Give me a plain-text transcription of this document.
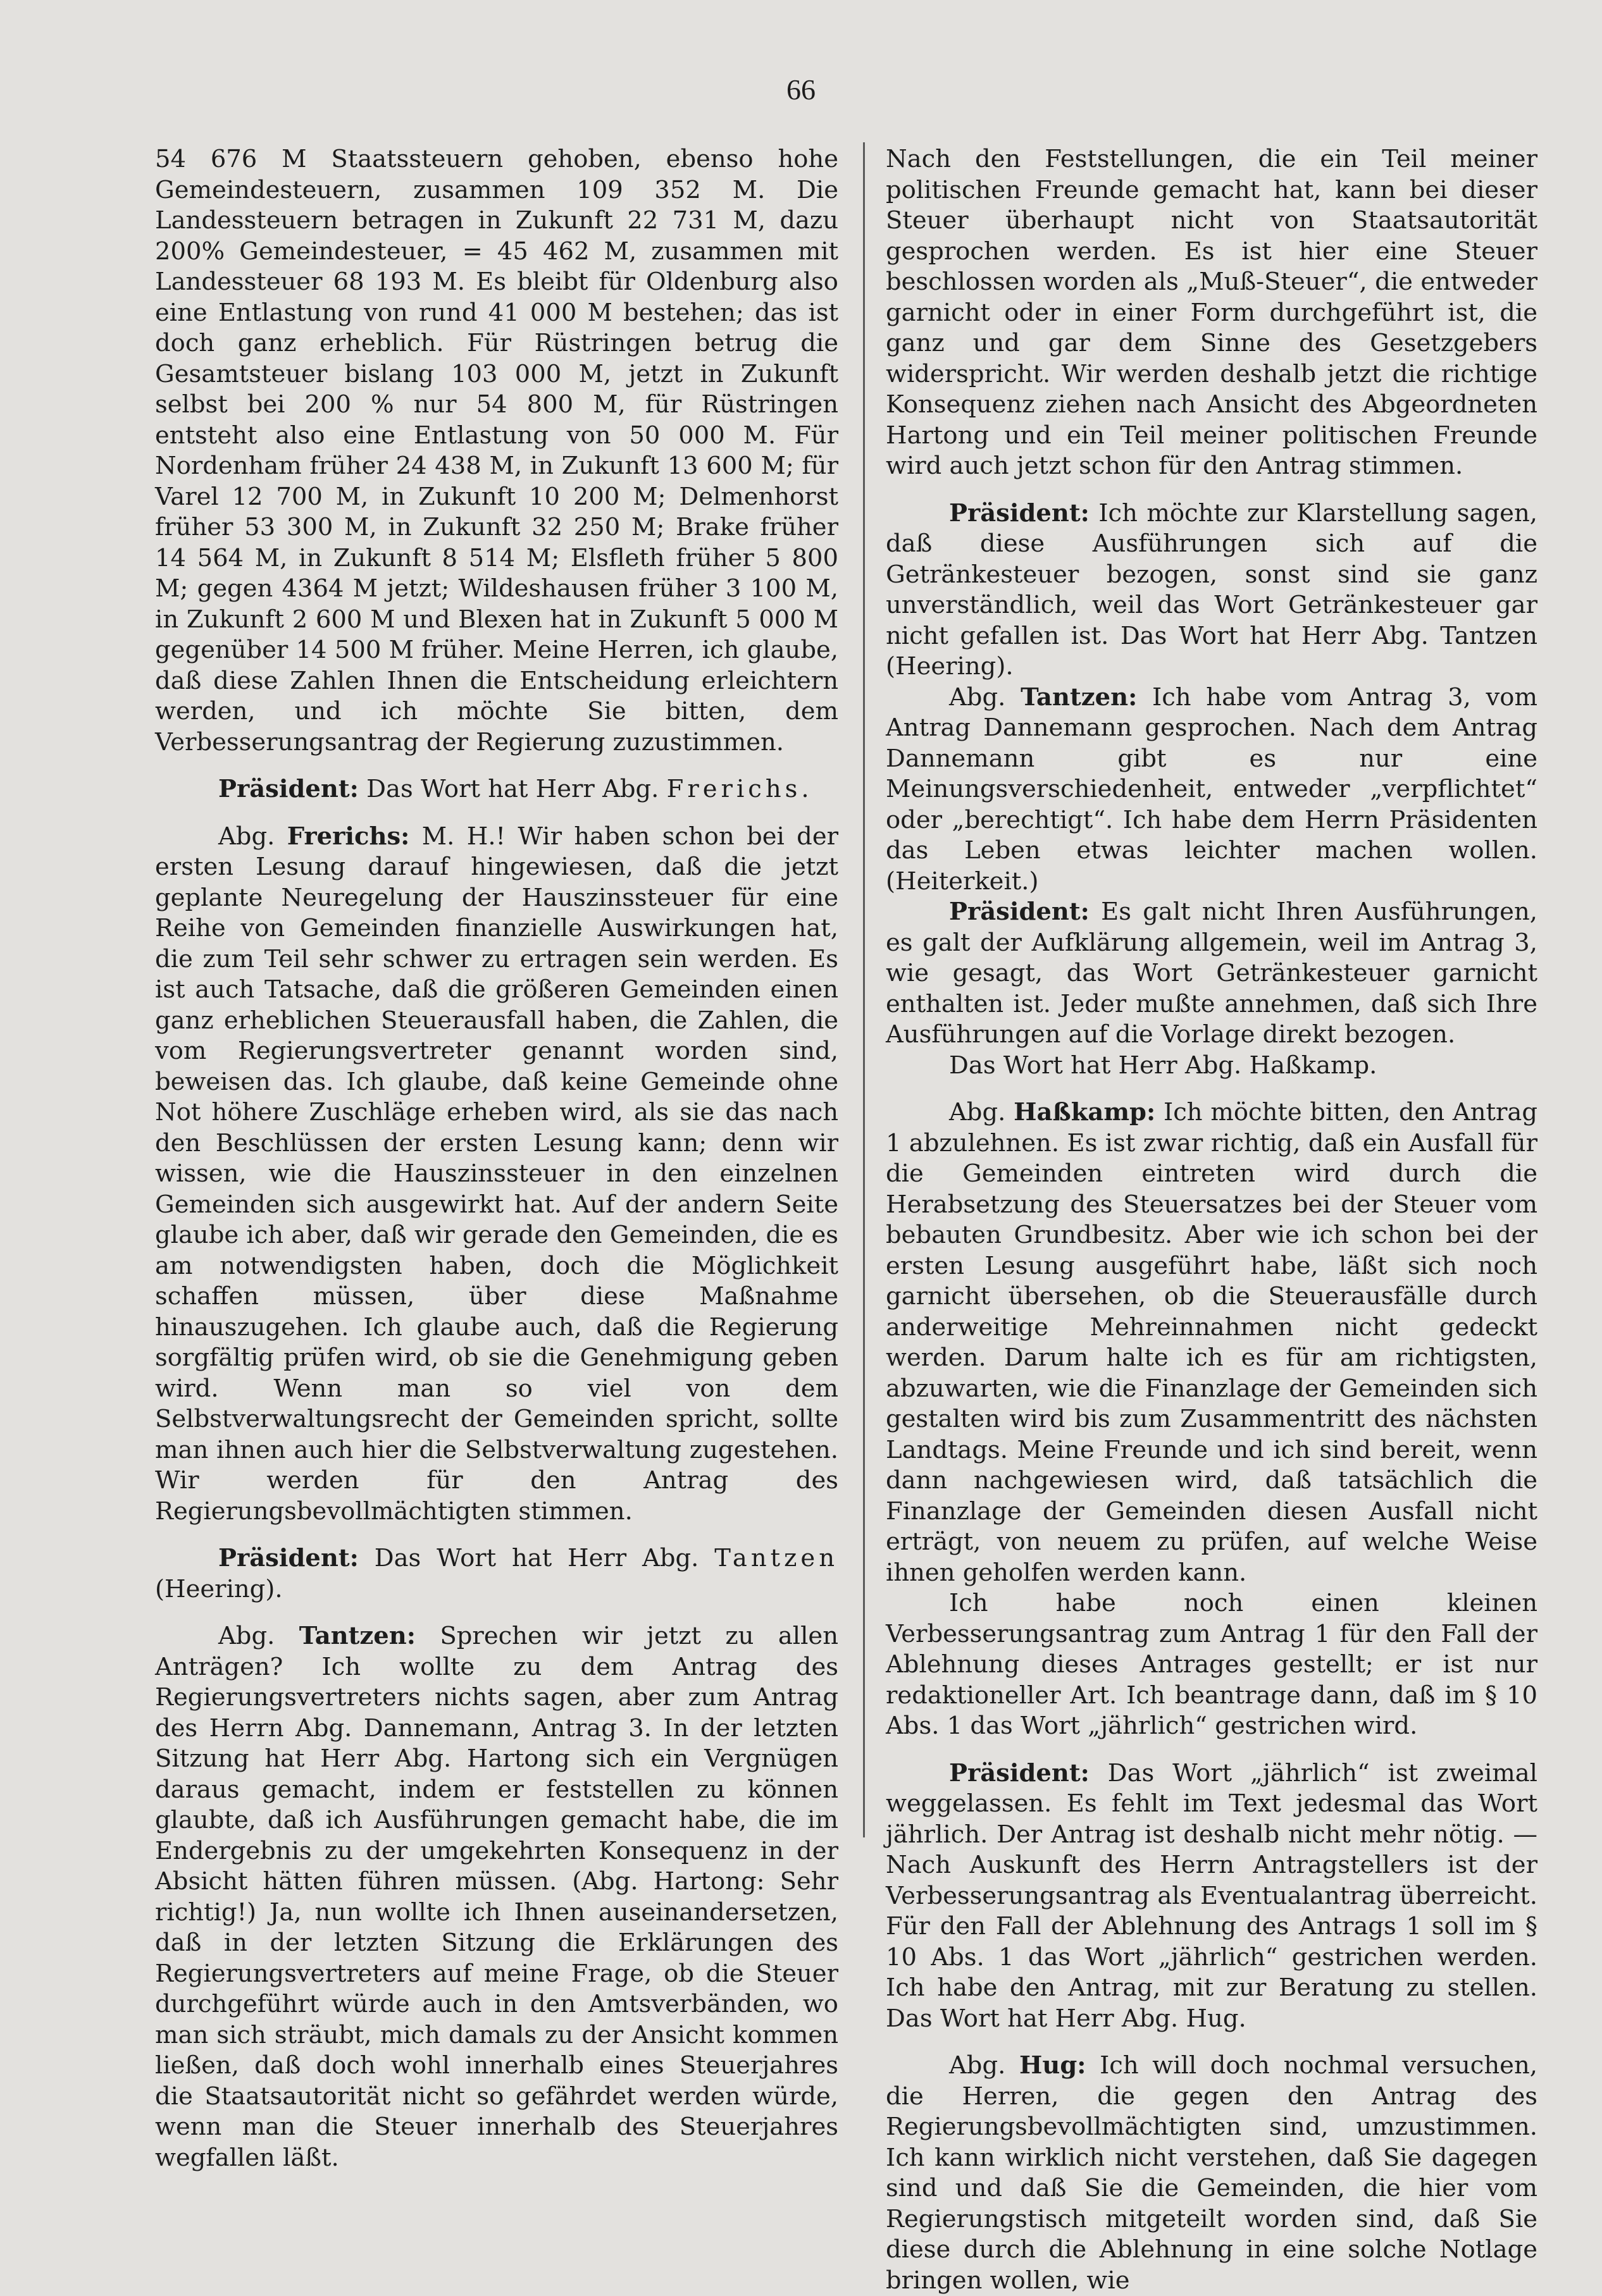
66

54 676 M Staatssteuern gehoben, ebenso hohe Gemeindesteuern, zusammen 109 352 M. Die Landessteuern betragen in Zukunft 22 731 M, dazu 200% Gemeindesteuer, = 45 462 M, zusammen mit Landessteuer 68 193 M. Es bleibt für Oldenburg also eine Entlastung von rund 41 000 M bestehen; das ist doch ganz erheblich. Für Rüstringen betrug die Gesamtsteuer bislang 103 000 M, jetzt in Zukunft selbst bei 200 % nur 54 800 M, für Rüstringen entsteht also eine Entlastung von 50 000 M. Für Nordenham früher 24 438 M, in Zukunft 13 600 M; für Varel 12 700 M, in Zukunft 10 200 M; Delmenhorst früher 53 300 M, in Zukunft 32 250 M; Brake früher 14 564 M, in Zukunft 8 514 M; Elsfleth früher 5 800 M; gegen 4364 M jetzt; Wildeshausen früher 3 100 M, in Zukunft 2 600 M und Blexen hat in Zukunft 5 000 M gegenüber 14 500 M früher. Meine Herren, ich glaube, daß diese Zahlen Ihnen die Entscheidung erleichtern werden, und ich möchte Sie bitten, dem Verbesserungsantrag der Regierung zuzustimmen.

Präsident: Das Wort hat Herr Abg. Frerichs.

Abg. Frerichs: M. H.! Wir haben schon bei der ersten Lesung darauf hingewiesen, daß die jetzt geplante Neuregelung der Hauszinssteuer für eine Reihe von Gemeinden finanzielle Auswirkungen hat, die zum Teil sehr schwer zu ertragen sein werden. Es ist auch Tatsache, daß die größeren Gemeinden einen ganz erheblichen Steuerausfall haben, die Zahlen, die vom Regierungsvertreter genannt worden sind, beweisen das. Ich glaube, daß keine Gemeinde ohne Not höhere Zuschläge erheben wird, als sie das nach den Beschlüssen der ersten Lesung kann; denn wir wissen, wie die Hauszinssteuer in den einzelnen Gemeinden sich ausgewirkt hat. Auf der andern Seite glaube ich aber, daß wir gerade den Gemeinden, die es am notwendigsten haben, doch die Möglichkeit schaffen müssen, über diese Maßnahme hinauszugehen. Ich glaube auch, daß die Regierung sorgfältig prüfen wird, ob sie die Genehmigung geben wird. Wenn man so viel von dem Selbstverwaltungsrecht der Gemeinden spricht, sollte man ihnen auch hier die Selbstverwaltung zugestehen. Wir werden für den Antrag des Regierungsbevollmächtigten stimmen.

Präsident: Das Wort hat Herr Abg. Tantzen (Heering).

Abg. Tantzen: Sprechen wir jetzt zu allen Anträgen? Ich wollte zu dem Antrag des Regierungsvertreters nichts sagen, aber zum Antrag des Herrn Abg. Dannemann, Antrag 3. In der letzten Sitzung hat Herr Abg. Hartong sich ein Vergnügen daraus gemacht, indem er feststellen zu können glaubte, daß ich Ausführungen gemacht habe, die im Endergebnis zu der umgekehrten Konsequenz in der Absicht hätten führen müssen. (Abg. Hartong: Sehr richtig!) Ja, nun wollte ich Ihnen auseinandersetzen, daß in der letzten Sitzung die Erklärungen des Regierungsvertreters auf meine Frage, ob die Steuer durchgeführt würde auch in den Amtsverbänden, wo man sich sträubt, mich damals zu der Ansicht kommen ließen, daß doch wohl innerhalb eines Steuerjahres die Staatsautorität nicht so gefährdet werden würde, wenn man die Steuer innerhalb des Steuerjahres wegfallen läßt.

Nach den Feststellungen, die ein Teil meiner politischen Freunde gemacht hat, kann bei dieser Steuer überhaupt nicht von Staatsautorität gesprochen werden. Es ist hier eine Steuer beschlossen worden als „Muß-Steuer“, die entweder garnicht oder in einer Form durchgeführt ist, die ganz und gar dem Sinne des Gesetzgebers widerspricht. Wir werden deshalb jetzt die richtige Konsequenz ziehen nach Ansicht des Abgeordneten Hartong und ein Teil meiner politischen Freunde wird auch jetzt schon für den Antrag stimmen.

Präsident: Ich möchte zur Klarstellung sagen, daß diese Ausführungen sich auf die Getränkesteuer bezogen, sonst sind sie ganz unverständlich, weil das Wort Getränkesteuer gar nicht gefallen ist. Das Wort hat Herr Abg. Tantzen (Heering).

Abg. Tantzen: Ich habe vom Antrag 3, vom Antrag Dannemann gesprochen. Nach dem Antrag Dannemann gibt es nur eine Meinungsverschiedenheit, entweder „verpflichtet“ oder „berechtigt“. Ich habe dem Herrn Präsidenten das Leben etwas leichter machen wollen. (Heiterkeit.)

Präsident: Es galt nicht Ihren Ausführungen, es galt der Aufklärung allgemein, weil im Antrag 3, wie gesagt, das Wort Getränkesteuer garnicht enthalten ist. Jeder mußte annehmen, daß sich Ihre Ausführungen auf die Vorlage direkt bezogen.

Das Wort hat Herr Abg. Haßkamp.

Abg. Haßkamp: Ich möchte bitten, den Antrag 1 abzulehnen. Es ist zwar richtig, daß ein Ausfall für die Gemeinden eintreten wird durch die Herabsetzung des Steuersatzes bei der Steuer vom bebauten Grundbesitz. Aber wie ich schon bei der ersten Lesung ausgeführt habe, läßt sich noch garnicht übersehen, ob die Steuerausfälle durch anderweitige Mehreinnahmen nicht gedeckt werden. Darum halte ich es für am richtigsten, abzuwarten, wie die Finanzlage der Gemeinden sich gestalten wird bis zum Zusammentritt des nächsten Landtags. Meine Freunde und ich sind bereit, wenn dann nachgewiesen wird, daß tatsächlich die Finanzlage der Gemeinden diesen Ausfall nicht erträgt, von neuem zu prüfen, auf welche Weise ihnen geholfen werden kann.

Ich habe noch einen kleinen Verbesserungsantrag zum Antrag 1 für den Fall der Ablehnung dieses Antrages gestellt; er ist nur redaktioneller Art. Ich beantrage dann, daß im § 10 Abs. 1 das Wort „jährlich“ gestrichen wird.

Präsident: Das Wort „jährlich“ ist zweimal weggelassen. Es fehlt im Text jedesmal das Wort jährlich. Der Antrag ist deshalb nicht mehr nötig. — Nach Auskunft des Herrn Antragstellers ist der Verbesserungsantrag als Eventualantrag überreicht. Für den Fall der Ablehnung des Antrags 1 soll im § 10 Abs. 1 das Wort „jährlich“ gestrichen werden. Ich habe den Antrag, mit zur Beratung zu stellen. Das Wort hat Herr Abg. Hug.

Abg. Hug: Ich will doch nochmal versuchen, die Herren, die gegen den Antrag des Regierungsbevollmächtigten sind, umzustimmen. Ich kann wirklich nicht verstehen, daß Sie dagegen sind und daß Sie die Gemeinden, die hier vom Regierungstisch mitgeteilt worden sind, daß Sie diese durch die Ablehnung in eine solche Notlage bringen wollen, wie
